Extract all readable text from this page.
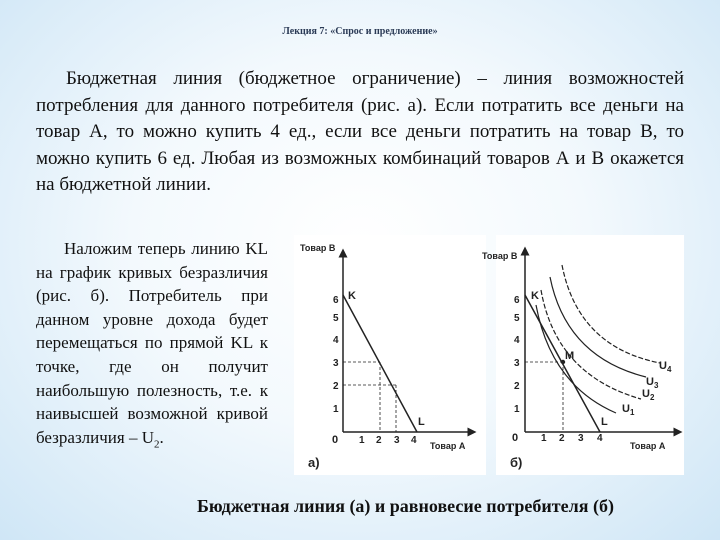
Лекция 7: «Спрос и предложение»

Бюджетная линия (бюджетное ограничение) – линия возможностей потребления для данного потребителя (рис. а). Если потратить все деньги на товар А, то можно купить 4 ед., если все деньги потратить на товар В, то можно купить 6 ед. Любая из возможных комбинаций товаров А и В окажется на бюджетной линии.

Наложим теперь линию KL на график кривых безразличия (рис. б). Потребитель при данном уровне дохода будет перемещаться по прямой KL к точке, где он получит наибольшую полезность, т.е. к наивысшей возможной кривой безразличия – $U_2$.

Товар В
Товар А
0
1
2
3
4
5
6
1 2 3 4
K
L
а)
Товар В
Товар А
0
1
2
3
4
5
6
1 2 3 4
K
L
M
$U_1$
$U_2$
$U_3$
$U_4$
б)
Бюджетная линия (а) и равновесие потребителя (б)
